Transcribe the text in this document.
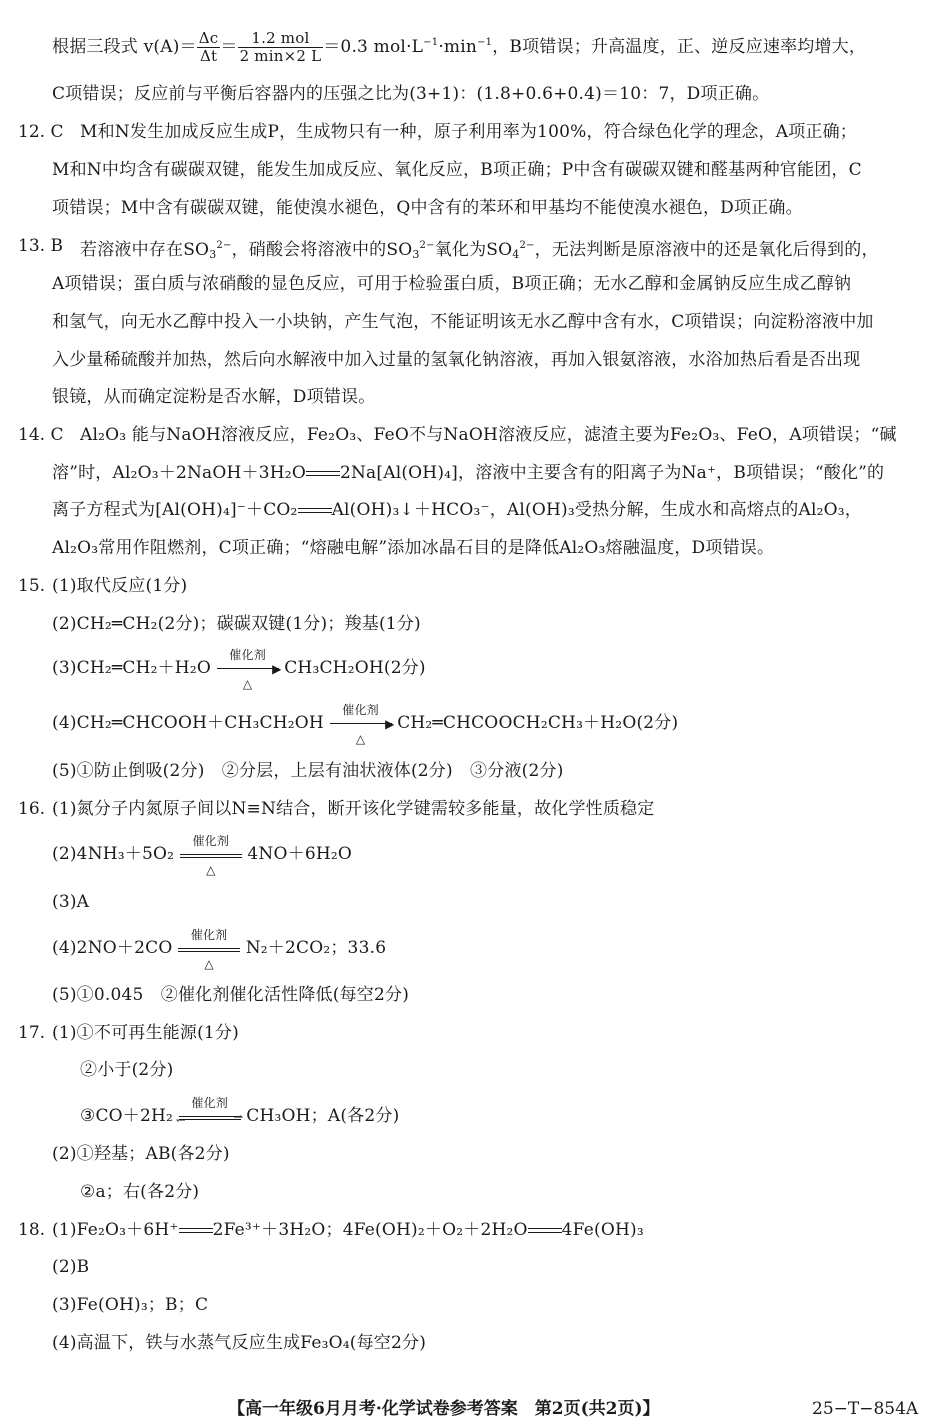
根据三段式 $v(A)= \frac{\Delta c}{\Delta t} = \frac{\text{1.2 mol}}{2 \min\times 2 L} =0.3$ $mol\cdot L^{-1}\cdot\min^{-1}$，B项错误；升高温度，正、逆反应速率均增大，
C项错误；反应前与平衡后容器内的压强之比为(3+1)：(1.8+0.6+0.4)＝10：7，D项正确。
12. C M和N发生加成反应生成P，生成物只有一种，原子利用率为100%，符合绿色化学的理念，A项正确；
M和N中均含有碳碳双键，能发生加成反应、氧化反应，B项正确；P中含有碳碳双键和醛基两种官能团，C
项错误；M中含有碳碳双键，能使溴水褪色，Q中含有的苯环和甲基均不能使溴水褪色，D项正确。
13. B 若溶液中存在$SO_3^{2-}$，硝酸会将溶液中的$SO_3^{2-}$氧化为$SO_4^{2-}$，无法判断是原溶液中的还是氧化后得到的，
A项错误；蛋白质与浓硝酸的显色反应，可用于检验蛋白质，B项正确；无水乙醇和金属钠反应生成乙醇钠
和氢气，向无水乙醇中投入一小块钠，产生气泡，不能证明该无水乙醇中含有水，C项错误；向淀粉溶液中加
入少量稀硫酸并加热，然后向水解液中加入过量的氢氧化钠溶液，再加入银氨溶液，水浴加热后看是否出现
银镜，从而确定淀粉是否水解，D项错误。
14. C Al₂O₃ 能与NaOH溶液反应，Fe₂O₃、FeO不与NaOH溶液反应，滤渣主要为Fe₂O₃、FeO，A项错误；“碱
溶”时，Al₂O₃＋2NaOH＋3H₂O 2Na[Al(OH)₄]，溶液中主要含有的阳离子为Na⁺，B项错误；“酸化”的
离子方程式为[Al(OH)₄]⁻＋CO₂ Al(OH)₃↓＋HCO₃⁻，Al(OH)₃受热分解，生成水和高熔点的Al₂O₃，
Al₂O₃常用作阻燃剂，C项正确；“熔融电解”添加冰晶石目的是降低Al₂O₃熔融温度，D项错误。
15. (1)取代反应(1分)
(2)CH₂═CH₂(2分)；碳碳双键(1分)；羧基(1分)
(3)CH₂═CH₂＋H₂O
催化剂
▶
△
CH₃CH₂OH(2分)
(4)CH₂═CHCOOH＋CH₃CH₂OH
催化剂
▶
△
CH₂═CHCOOCH₂CH₃＋H₂O(2分)
(5)①防止倒吸(2分)　②分层，上层有油状液体(2分)　③分液(2分)
16. (1)氮分子内氮原子间以N≡N结合，断开该化学键需较多能量，故化学性质稳定
(2)4NH₃＋5O₂
催化剂
△
4NO＋6H₂O
(3)A
(4)2NO＋2CO
催化剂
△
N₂＋2CO₂；33.6
(5)①0.045　②催化剂催化活性降低(每空2分)
17. (1)①不可再生能源(1分)
②小于(2分)
③CO＋2H₂
催化剂
⇀
↽	CH₃OH；A(各2分)
(2)①羟基；AB(各2分)
②a；右(各2分)
18. (1)Fe₂O₃＋6H⁺ 2Fe³⁺＋3H₂O；4Fe(OH)₂＋O₂＋2H₂O 4Fe(OH)₃
(2)B
(3)Fe(OH)₃；B；C
(4)高温下，铁与水蒸气反应生成Fe₃O₄(每空2分)
【高一年级6月月考·化学试卷参考答案　第2页(共2页)】	25−T−854A
